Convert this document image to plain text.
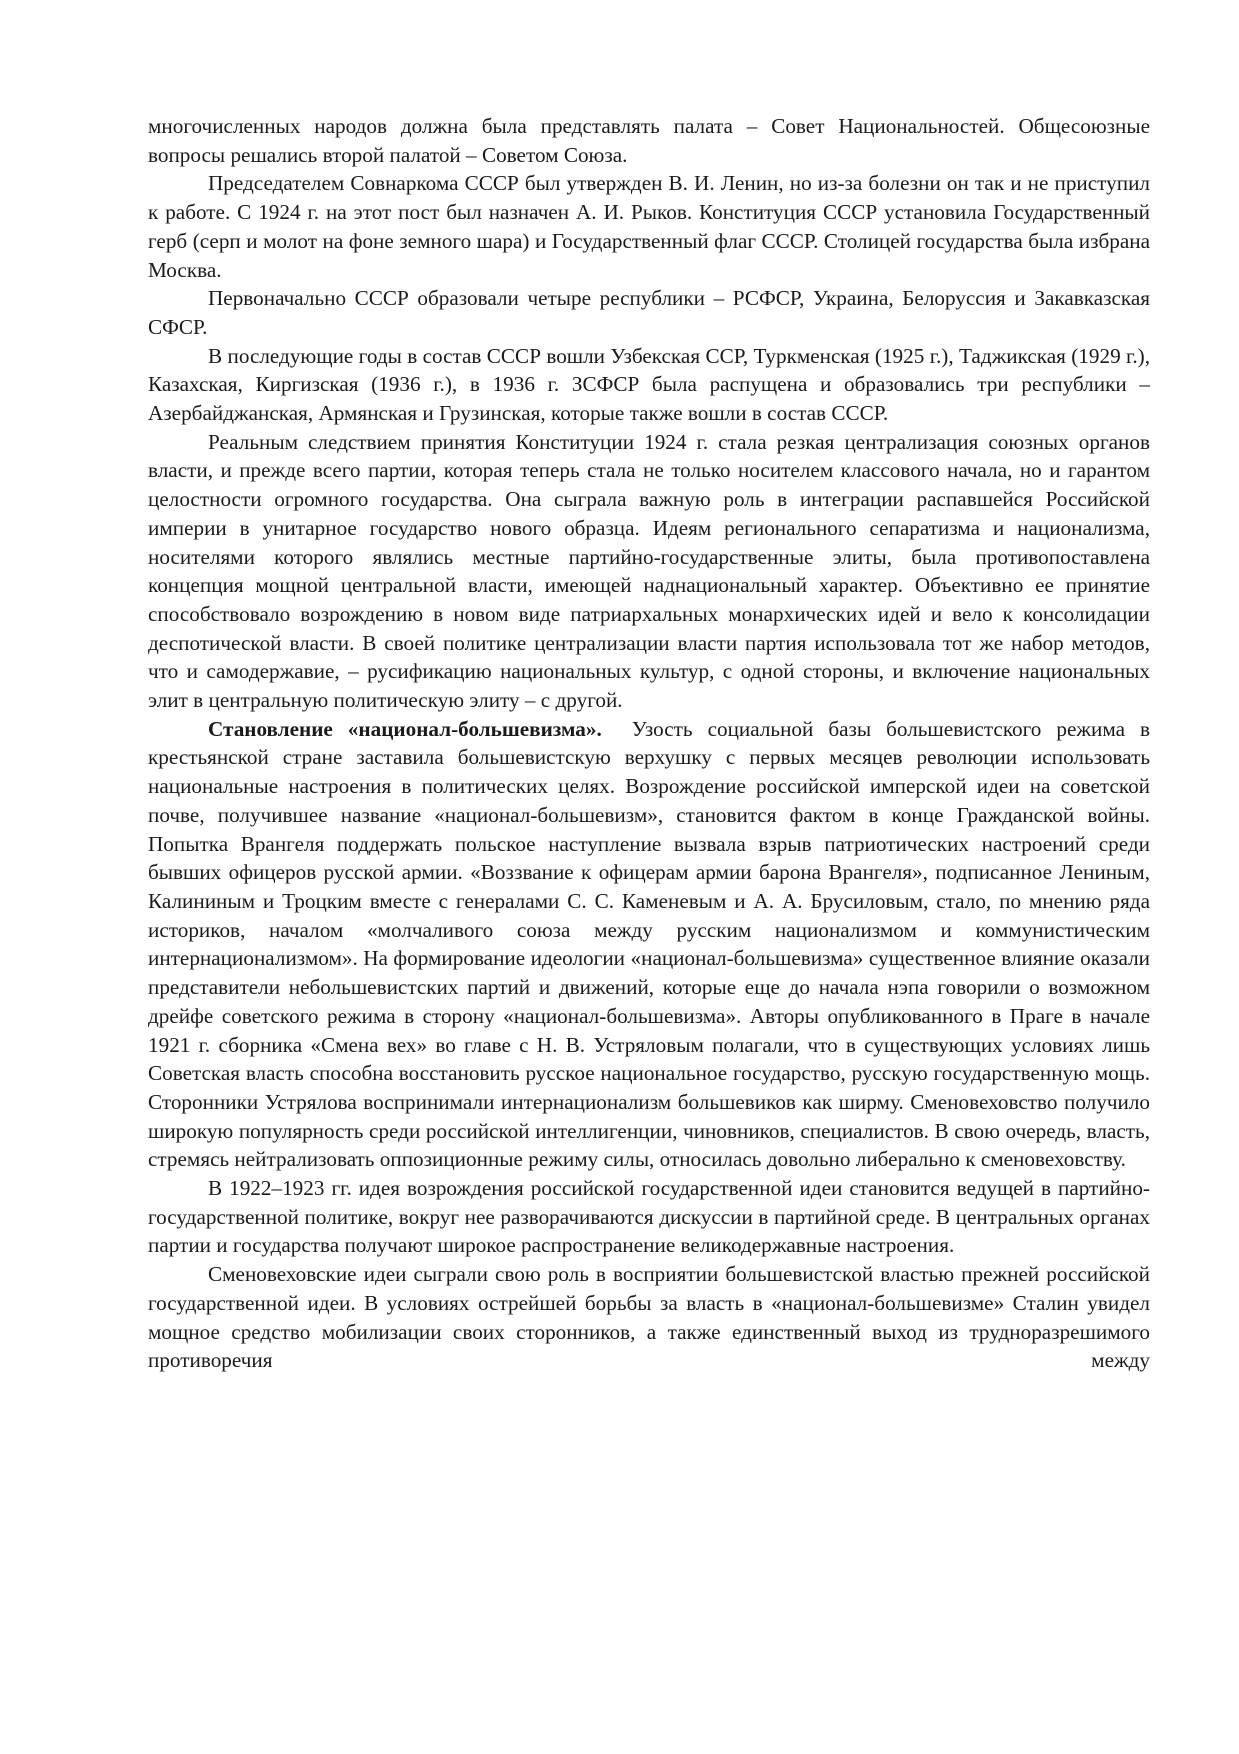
многочисленных народов должна была представлять палата – Совет Национальностей. Общесоюзные вопросы решались второй палатой – Советом Союза.

Председателем Совнаркома СССР был утвержден В. И. Ленин, но из-за болезни он так и не приступил к работе. С 1924 г. на этот пост был назначен А. И. Рыков. Конституция СССР установила Государственный герб (серп и молот на фоне земного шара) и Государственный флаг СССР. Столицей государства была избрана Москва.

Первоначально СССР образовали четыре республики – РСФСР, Украина, Белоруссия и Закавказская СФСР.

В последующие годы в состав СССР вошли Узбекская ССР, Туркменская (1925 г.), Таджикская (1929 г.), Казахская, Киргизская (1936 г.), в 1936 г. ЗСФСР была распущена и образовались три республики – Азербайджанская, Армянская и Грузинская, которые также вошли в состав СССР.

Реальным следствием принятия Конституции 1924 г. стала резкая централизация союзных органов власти, и прежде всего партии, которая теперь стала не только носителем классового начала, но и гарантом целостности огромного государства. Она сыграла важную роль в интеграции распавшейся Российской империи в унитарное государство нового образца. Идеям регионального сепаратизма и национализма, носителями которого являлись местные партийно-государственные элиты, была противопоставлена концепция мощной центральной власти, имеющей наднациональный характер. Объективно ее принятие способствовало возрождению в новом виде патриархальных монархических идей и вело к консолидации деспотической власти. В своей политике централизации власти партия использовала тот же набор методов, что и самодержавие, – русификацию национальных культур, с одной стороны, и включение национальных элит в центральную политическую элиту – с другой.

Становление «национал-большевизма». Узость социальной базы большевистского режима в крестьянской стране заставила большевистскую верхушку с первых месяцев революции использовать национальные настроения в политических целях. Возрождение российской имперской идеи на советской почве, получившее название «национал-большевизм», становится фактом в конце Гражданской войны. Попытка Врангеля поддержать польское наступление вызвала взрыв патриотических настроений среди бывших офицеров русской армии. «Воззвание к офицерам армии барона Врангеля», подписанное Лениным, Калининым и Троцким вместе с генералами С. С. Каменевым и А. А. Брусиловым, стало, по мнению ряда историков, началом «молчаливого союза между русским национализмом и коммунистическим интернационализмом». На формирование идеологии «национал-большевизма» существенное влияние оказали представители небольшевистских партий и движений, которые еще до начала нэпа говорили о возможном дрейфе советского режима в сторону «национал-большевизма». Авторы опубликованного в Праге в начале 1921 г. сборника «Смена вех» во главе с Н. В. Устряловым полагали, что в существующих условиях лишь Советская власть способна восстановить русское национальное государство, русскую государственную мощь. Сторонники Устрялова воспринимали интернационализм большевиков как ширму. Сменовеховство получило широкую популярность среди российской интеллигенции, чиновников, специалистов. В свою очередь, власть, стремясь нейтрализовать оппозиционные режиму силы, относилась довольно либерально к сменовеховству.

В 1922–1923 гг. идея возрождения российской государственной идеи становится ведущей в партийно-государственной политике, вокруг нее разворачиваются дискуссии в партийной среде. В центральных органах партии и государства получают широкое распространение великодержавные настроения.

Сменовеховские идеи сыграли свою роль в восприятии большевистской властью прежней российской государственной идеи. В условиях острейшей борьбы за власть в «национал-большевизме» Сталин увидел мощное средство мобилизации своих сторонников, а также единственный выход из трудноразрешимого противоречия между
